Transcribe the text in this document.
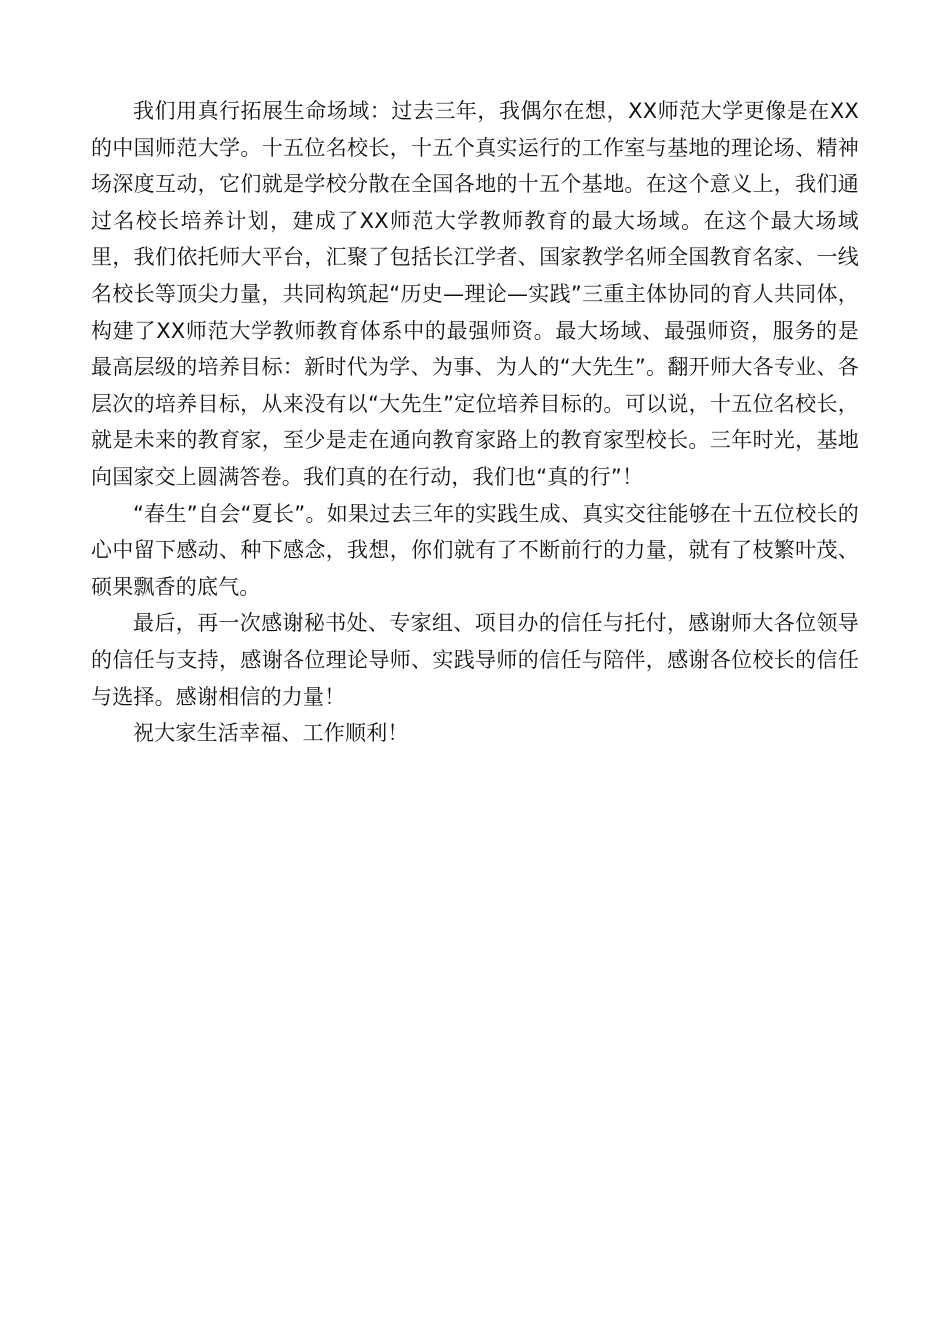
我们用真行拓展生命场域：过去三年，我偶尔在想，XX师范大学更像是在XX的中国师范大学。十五位名校长，十五个真实运行的工作室与基地的理论场、精神场深度互动，它们就是学校分散在全国各地的十五个基地。在这个意义上，我们通过名校长培养计划，建成了XX师范大学教师教育的最大场域。在这个最大场域里，我们依托师大平台，汇聚了包括长江学者、国家教学名师全国教育名家、一线名校长等顶尖力量，共同构筑起“历史—理论—实践”三重主体协同的育人共同体，构建了XX师范大学教师教育体系中的最强师资。最大场域、最强师资，服务的是最高层级的培养目标：新时代为学、为事、为人的“大先生”。翻开师大各专业、各层次的培养目标，从来没有以“大先生”定位培养目标的。可以说，十五位名校长，就是未来的教育家，至少是走在通向教育家路上的教育家型校长。三年时光，基地向国家交上圆满答卷。我们真的在行动，我们也“真的行”！

“春生”自会“夏长”。如果过去三年的实践生成、真实交往能够在十五位校长的心中留下感动、种下感念，我想，你们就有了不断前行的力量，就有了枝繁叶茂、硕果飘香的底气。

最后，再一次感谢秘书处、专家组、项目办的信任与托付，感谢师大各位领导的信任与支持，感谢各位理论导师、实践导师的信任与陪伴，感谢各位校长的信任与选择。感谢相信的力量！

祝大家生活幸福、工作顺利！
